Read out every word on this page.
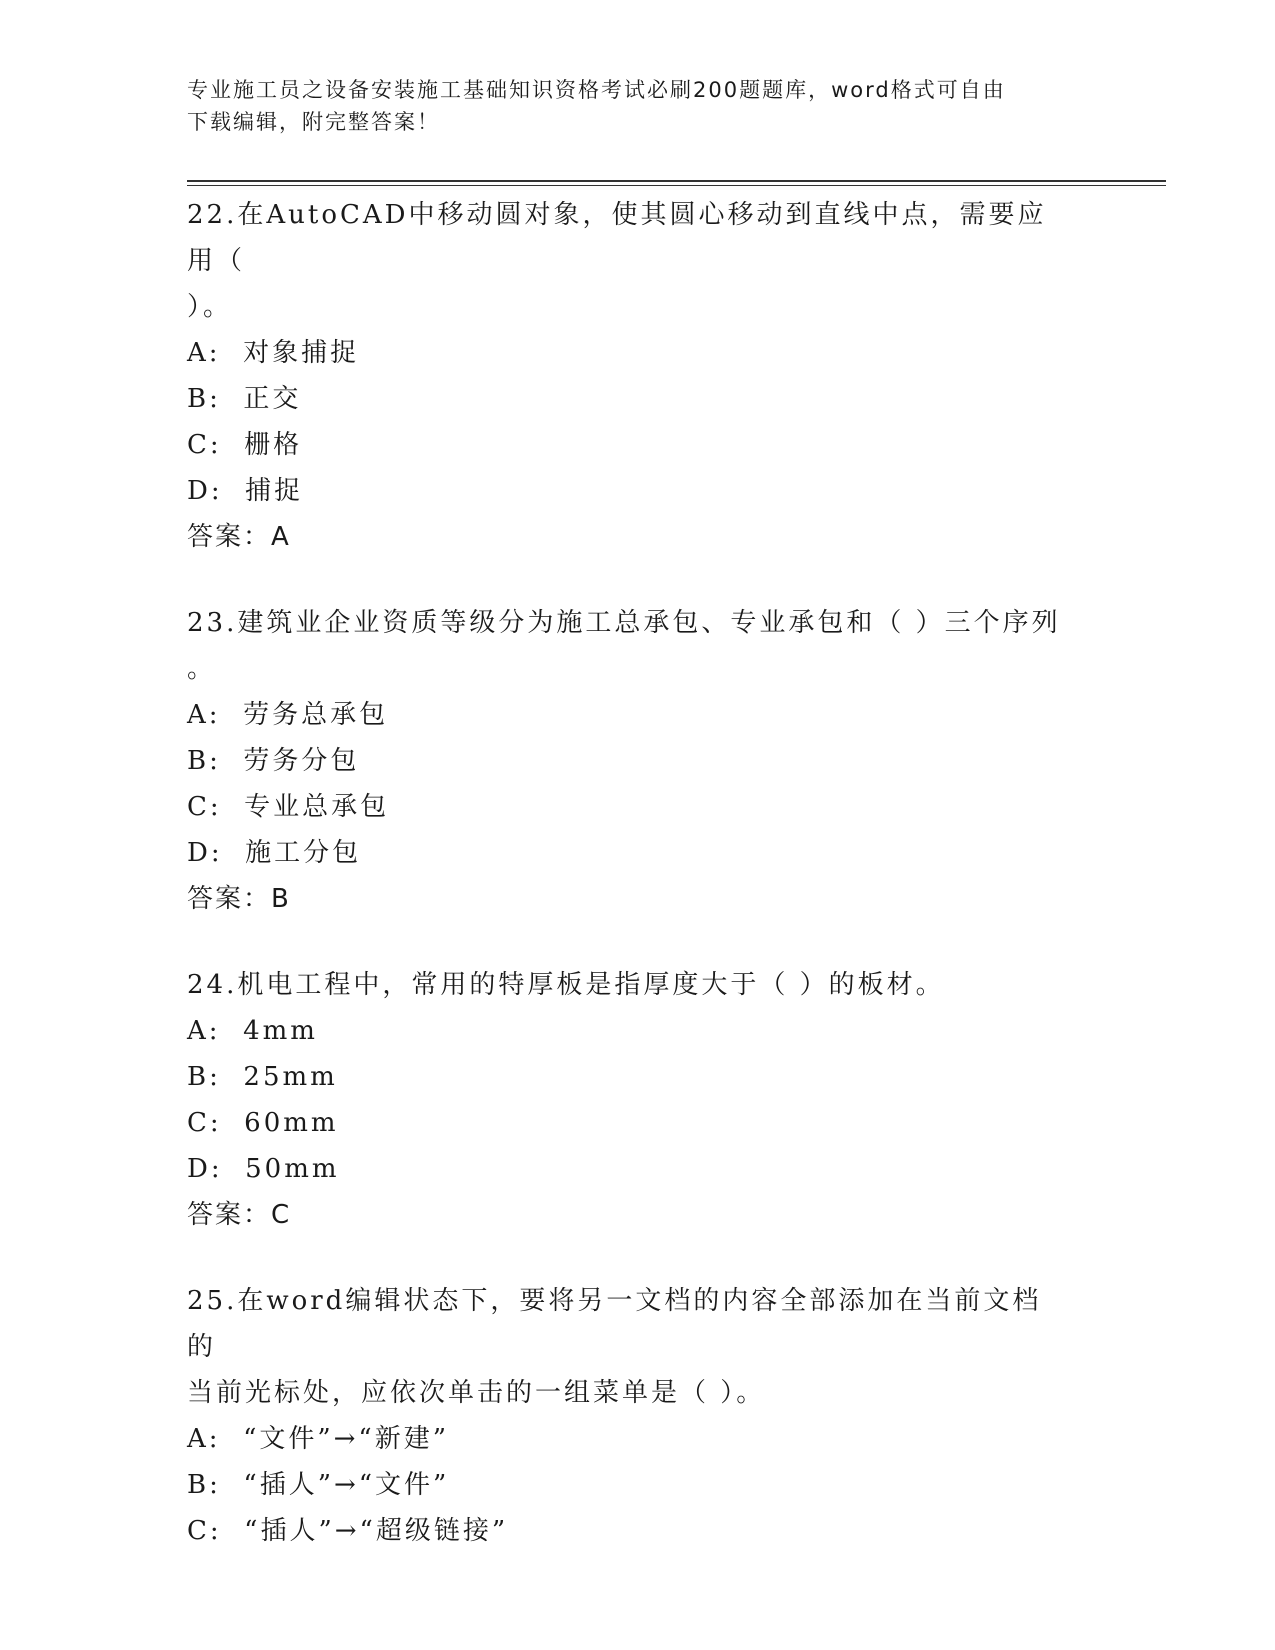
专业施工员之设备安装施工基础知识资格考试必刷200题题库，word格式可自由
下载编辑，附完整答案！

22.在AutoCAD中移动圆对象，使其圆心移动到直线中点，需要应用（
）。

A:  对象捕捉

B:  正交

C:  栅格

D:  捕捉

答案：A

23.建筑业企业资质等级分为施工总承包、专业承包和（ ）三个序列
。

A:  劳务总承包

B:  劳务分包

C:  专业总承包

D:  施工分包

答案：B

24.机电工程中，常用的特厚板是指厚度大于（ ）的板材。

A:  4mm

B:  25mm

C:  60mm

D:  50mm

答案：C

25.在word编辑状态下，要将另一文档的内容全部添加在当前文档的
当前光标处，应依次单击的一组菜单是（ ）。

A:  “文件”→“新建”

B:  “插人”→“文件”

C:  “插人”→“超级链接”
